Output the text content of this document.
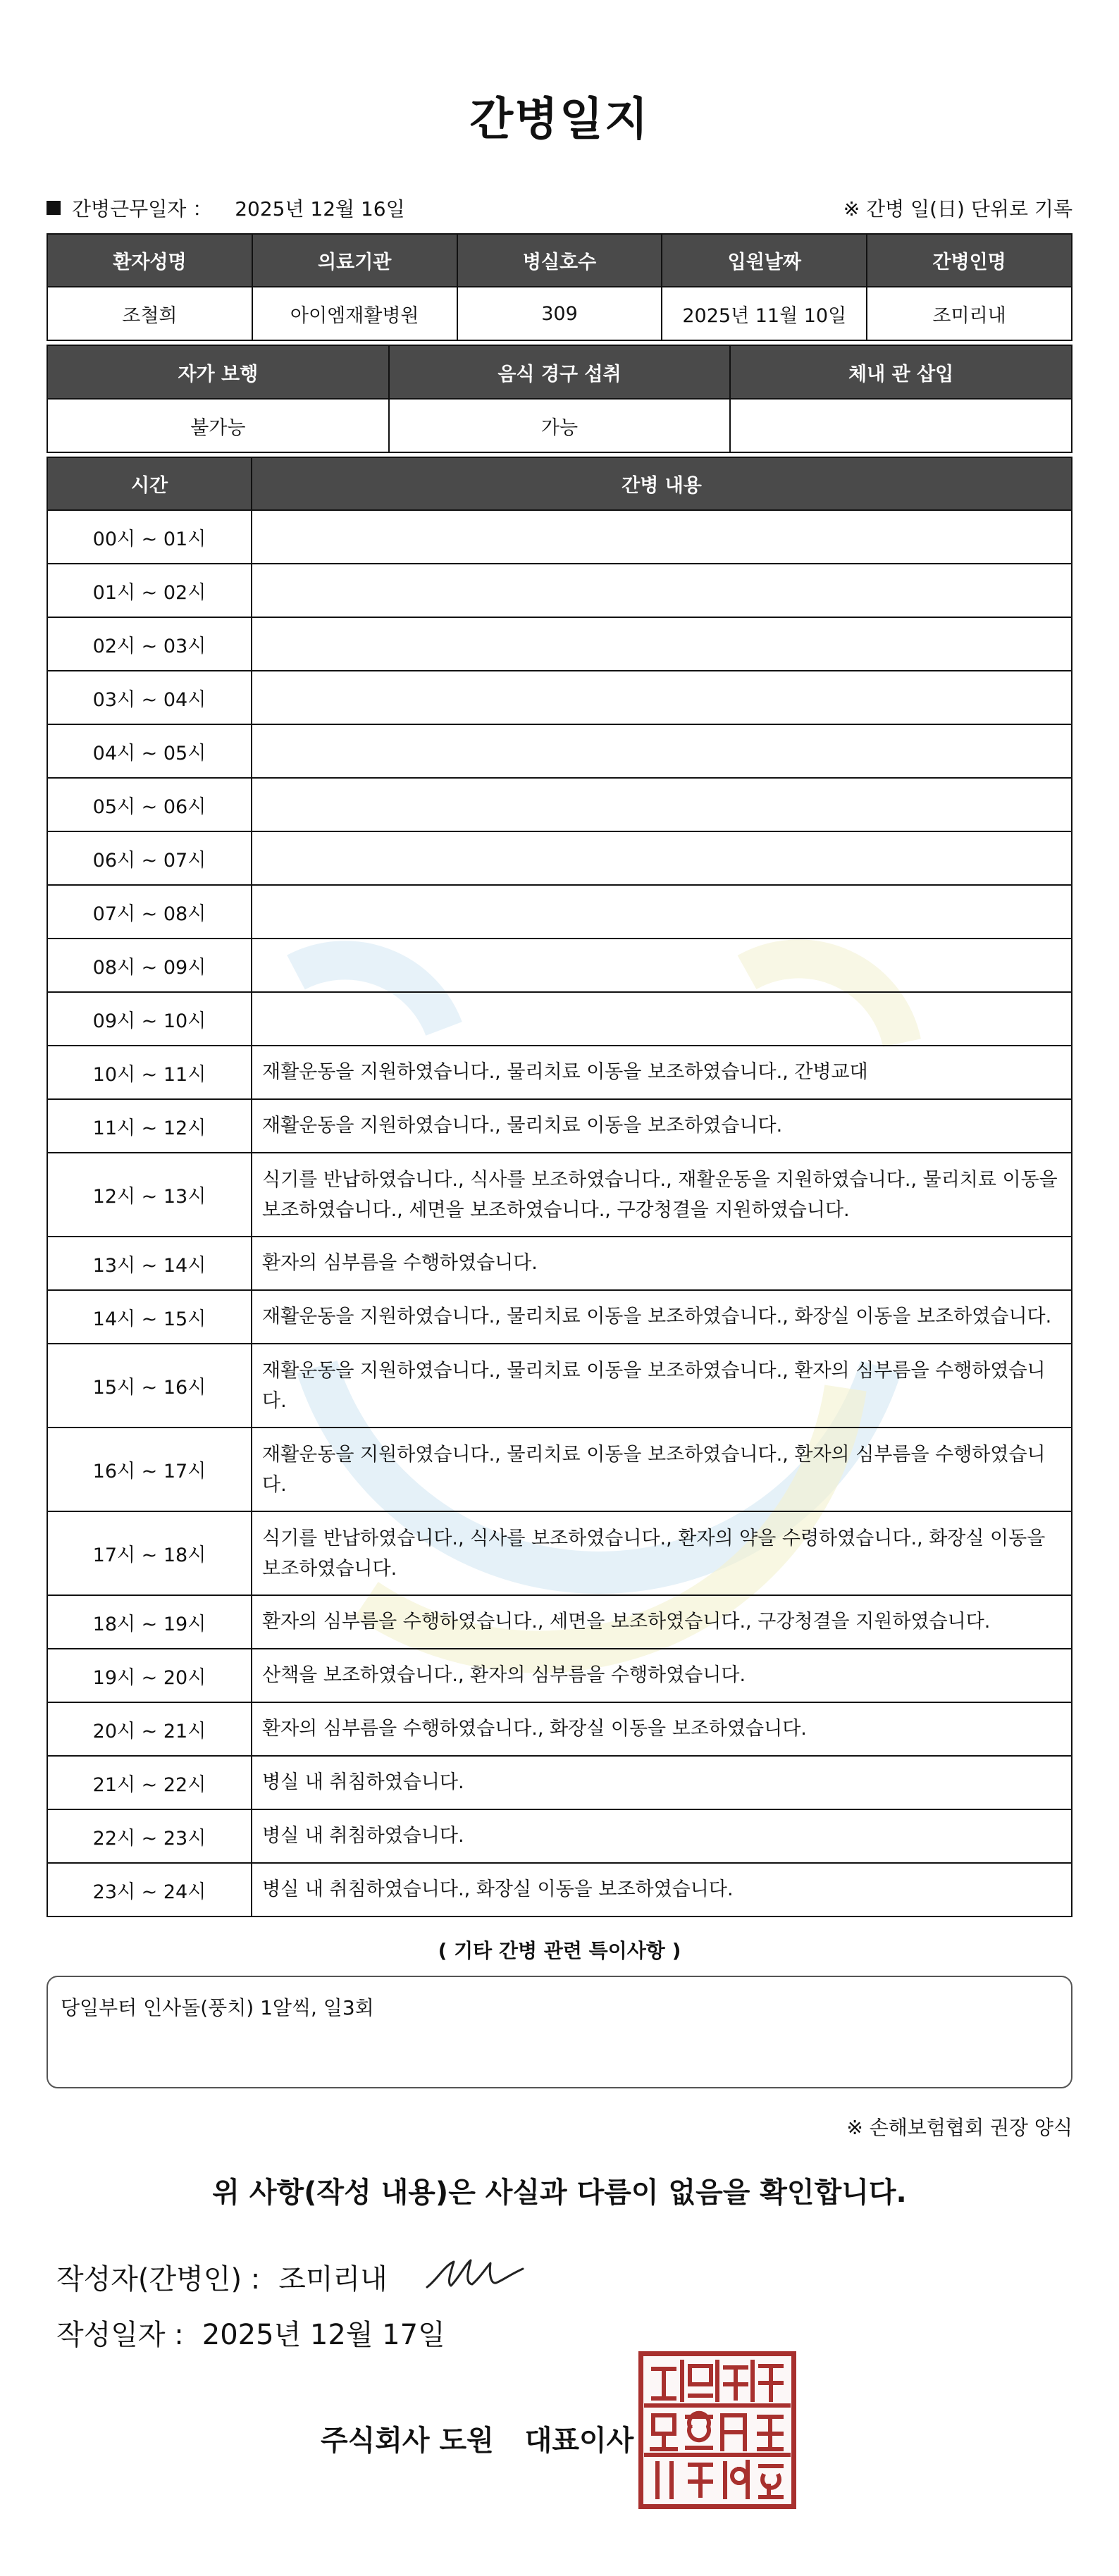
간병일지
간병근무일자 ： 2025년 12월 16일	※ 간병 일(日) 단위로 기록
환자성명	의료기관	병실호수	입원날짜	간병인명
조철희	아이엠재활병원	309	2025년 11월 10일	조미리내
자가 보행	음식 경구 섭취	체내 관 삽입
불가능	가능	
시간	간병 내용
00시 ~ 01시	
01시 ~ 02시	
02시 ~ 03시	
03시 ~ 04시	
04시 ~ 05시	
05시 ~ 06시	
06시 ~ 07시	
07시 ~ 08시	
08시 ~ 09시	
09시 ~ 10시	
10시 ~ 11시	재활운동을 지원하였습니다., 물리치료 이동을 보조하였습니다., 간병교대
11시 ~ 12시	재활운동을 지원하였습니다., 물리치료 이동을 보조하였습니다.
12시 ~ 13시	식기를 반납하였습니다., 식사를 보조하였습니다., 재활운동을 지원하였습니다., 물리치료 이동을 보조하였습니다., 세면을 보조하였습니다., 구강청결을 지원하였습니다.
13시 ~ 14시	환자의 심부름을 수행하였습니다.
14시 ~ 15시	재활운동을 지원하였습니다., 물리치료 이동을 보조하였습니다., 화장실 이동을 보조하였습니다.
15시 ~ 16시	재활운동을 지원하였습니다., 물리치료 이동을 보조하였습니다., 환자의 심부름을 수행하였습니다.
16시 ~ 17시	재활운동을 지원하였습니다., 물리치료 이동을 보조하였습니다., 환자의 심부름을 수행하였습니다.
17시 ~ 18시	식기를 반납하였습니다., 식사를 보조하였습니다., 환자의 약을 수령하였습니다., 화장실 이동을 보조하였습니다.
18시 ~ 19시	환자의 심부름을 수행하였습니다., 세면을 보조하였습니다., 구강청결을 지원하였습니다.
19시 ~ 20시	산책을 보조하였습니다., 환자의 심부름을 수행하였습니다.
20시 ~ 21시	환자의 심부름을 수행하였습니다., 화장실 이동을 보조하였습니다.
21시 ~ 22시	병실 내 취침하였습니다.
22시 ~ 23시	병실 내 취침하였습니다.
23시 ~ 24시	병실 내 취침하였습니다., 화장실 이동을 보조하였습니다.
( 기타 간병 관련 특이사항 )
당일부터 인사돌(풍치) 1알씩, 일3회
※ 손해보험협회 권장 양식
위 사항(작성 내용)은 사실과 다름이 없음을 확인합니다.
작성자(간병인) : 조미리내
작성일자 : 2025년 12월 17일
주식회사 도원 대표이사
